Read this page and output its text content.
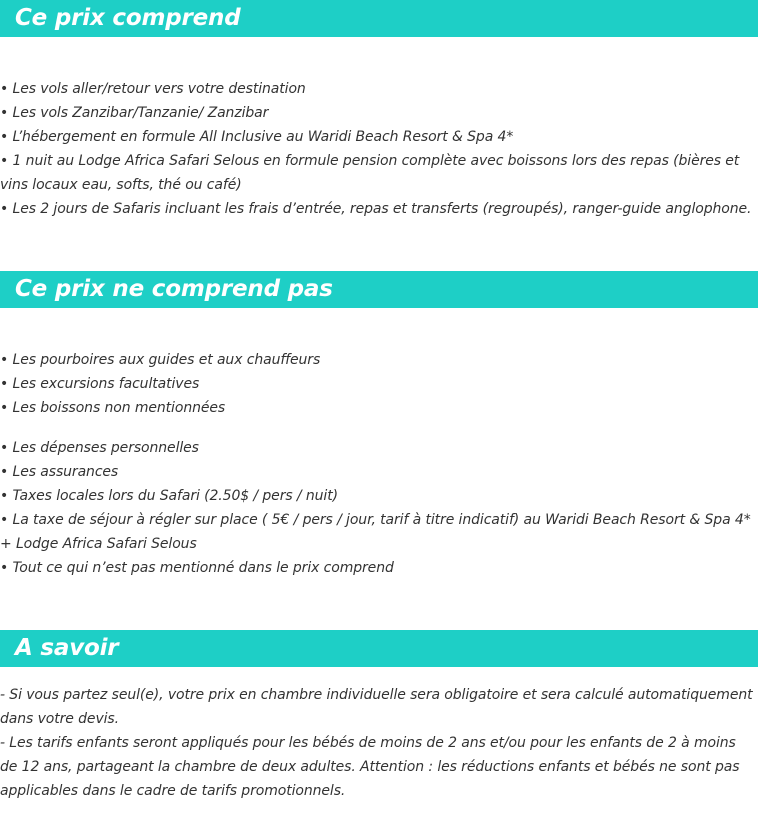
Ce prix comprend
• Les vols aller/retour vers votre destination
• Les vols Zanzibar/Tanzanie/ Zanzibar
• L’hébergement en formule All Inclusive au Waridi Beach Resort & Spa 4*
• 1 nuit au Lodge Africa Safari Selous en formule pension complète avec boissons lors des repas (bières et vins locaux eau, softs, thé ou café)
• Les 2 jours de Safaris incluant les frais d’entrée, repas et transferts (regroupés), ranger-guide anglophone.
Ce prix ne comprend pas
• Les pourboires aux guides et aux chauffeurs
• Les excursions facultatives
• Les boissons non mentionnées
• Les dépenses personnelles
• Les assurances
• Taxes locales lors du Safari (2.50$ / pers / nuit)
• La taxe de séjour à régler sur place ( 5€ / pers / jour, tarif à titre indicatif) au Waridi Beach Resort & Spa 4* + Lodge Africa Safari Selous
• Tout ce qui n’est pas mentionné dans le prix comprend
A savoir
- Si vous partez seul(e), votre prix en chambre individuelle sera obligatoire et sera calculé automatiquement dans votre devis.
- Les tarifs enfants seront appliqués pour les bébés de moins de 2 ans et/ou pour les enfants de 2 à moins de 12 ans, partageant la chambre de deux adultes. Attention : les réductions enfants et bébés ne sont pas applicables dans le cadre de tarifs promotionnels.
